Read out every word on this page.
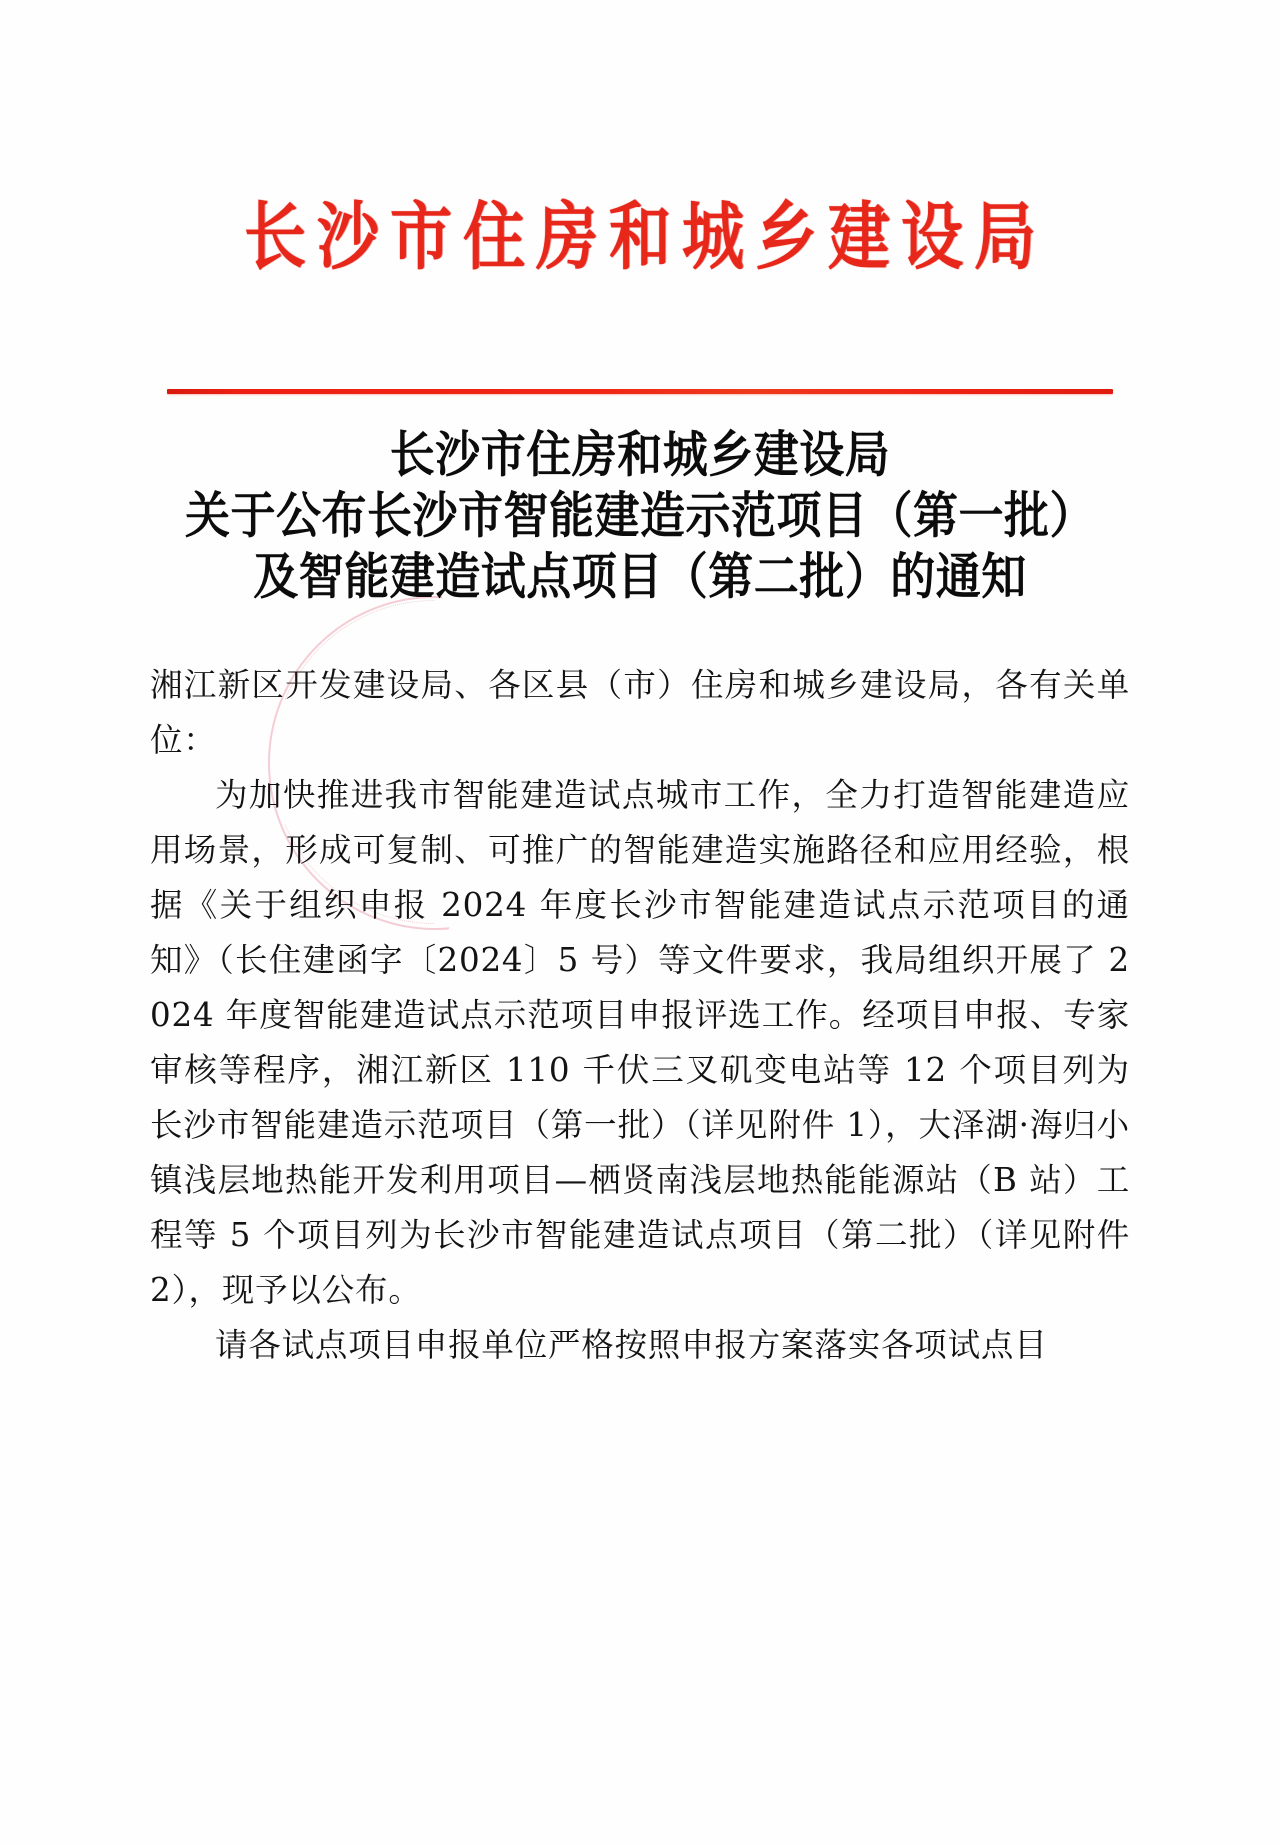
长沙市住房和城乡建设局
长沙市住房和城乡建设局
关于公布长沙市智能建造示范项目（第一批）
及智能建造试点项目（第二批）的通知

湘江新区开发建设局、各区县（市）住房和城乡建设局，各有关单位：

为加快推进我市智能建造试点城市工作，全力打造智能建造应用场景，形成可复制、可推广的智能建造实施路径和应用经验，根据《关于组织申报 2024 年度长沙市智能建造试点示范项目的通知》（长住建函字〔2024〕5 号）等文件要求，我局组织开展了 2024 年度智能建造试点示范项目申报评选工作。经项目申报、专家审核等程序，湘江新区 110 千伏三叉矶变电站等 12 个项目列为长沙市智能建造示范项目（第一批）（详见附件 1），大泽湖·海归小镇浅层地热能开发利用项目—栖贤南浅层地热能能源站（B 站）工程等 5 个项目列为长沙市智能建造试点项目（第二批）（详见附件 2），现予以公布。

请各试点项目申报单位严格按照申报方案落实各项试点目
